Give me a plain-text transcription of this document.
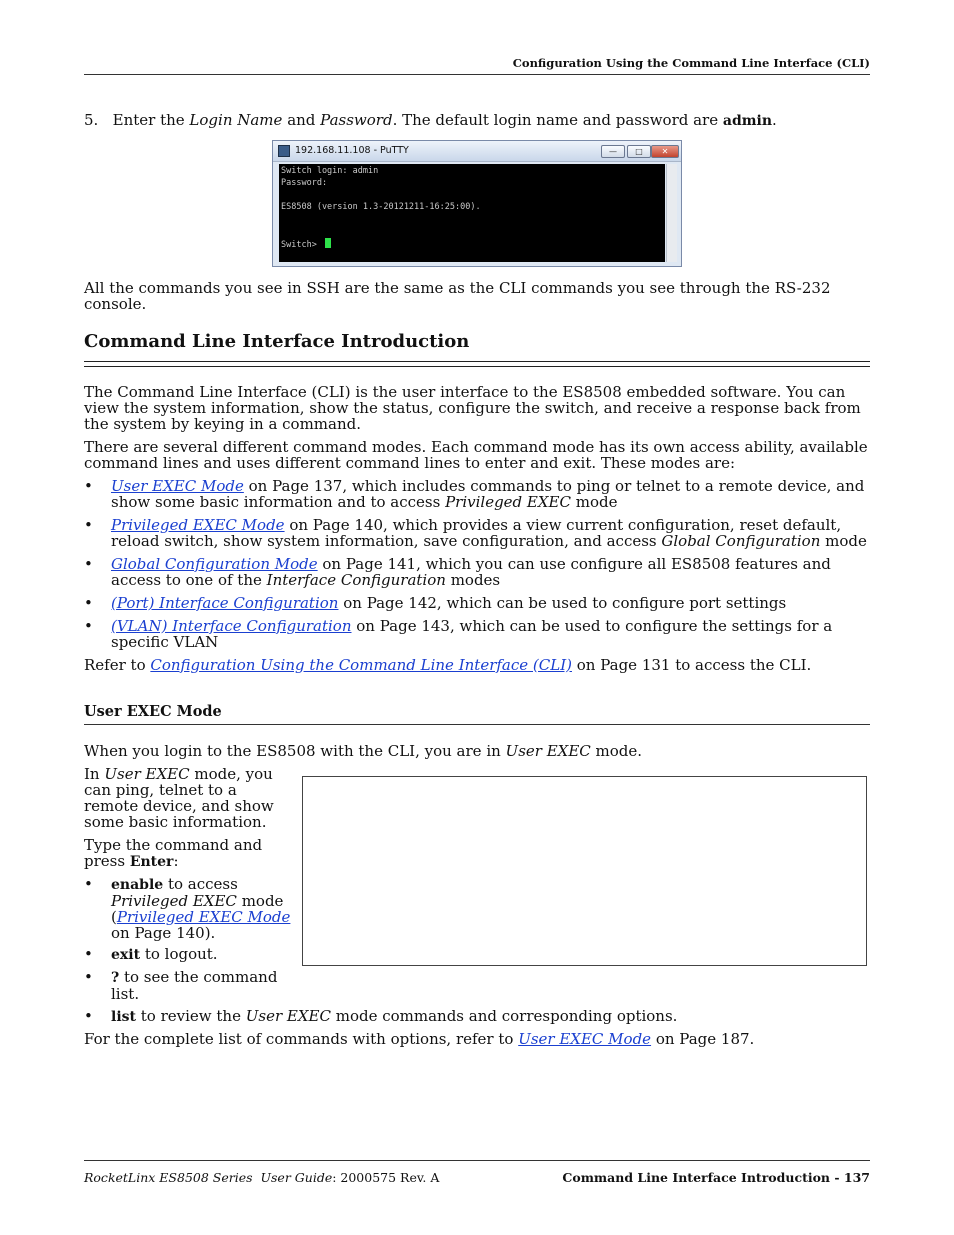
Configuration Using the Command Line Interface (CLI)

5. Enter the Login Name and Password. The default login name and password are admin.

192.168.11.108 - PuTTY	—	□	✕
Switch login: admin
Password:
ES8508 (version 1.3-20121211-16:25:00).
Switch>

All the commands you see in SSH are the same as the CLI commands you see through the RS-232 console.

Command Line Interface Introduction

The Command Line Interface (CLI) is the user interface to the ES8508 embedded software. You can view the system information, show the status, configure the switch, and receive a response back from the system by keying in a command.

There are several different command modes. Each command mode has its own access ability, available command lines and uses different command lines to enter and exit. These modes are:

• User EXEC Mode on Page 137, which includes commands to ping or telnet to a remote device, and show some basic information and to access Privileged EXEC mode
• Privileged EXEC Mode on Page 140, which provides a view current configuration, reset default, reload switch, show system information, save configuration, and access Global Configuration mode
• Global Configuration Mode on Page 141, which you can use configure all ES8508 features and access to one of the Interface Configuration modes
• (Port) Interface Configuration on Page 142, which can be used to configure port settings
• (VLAN) Interface Configuration on Page 143, which can be used to configure the settings for a specific VLAN

Refer to Configuration Using the Command Line Interface (CLI) on Page 131 to access the CLI.

User EXEC Mode

When you login to the ES8508 with the CLI, you are in User EXEC mode.

In User EXEC mode, you can ping, telnet to a remote device, and show some basic information.

Type the command and press Enter:

• enable to access Privileged EXEC mode (Privileged EXEC Mode on Page 140).
• exit to logout.
• ? to see the command list.
• list to review the User EXEC mode commands and corresponding options.

For the complete list of commands with options, refer to User EXEC Mode on Page 187.

RocketLinx ES8508 Series User Guide: 2000575 Rev. A	Command Line Interface Introduction - 137
